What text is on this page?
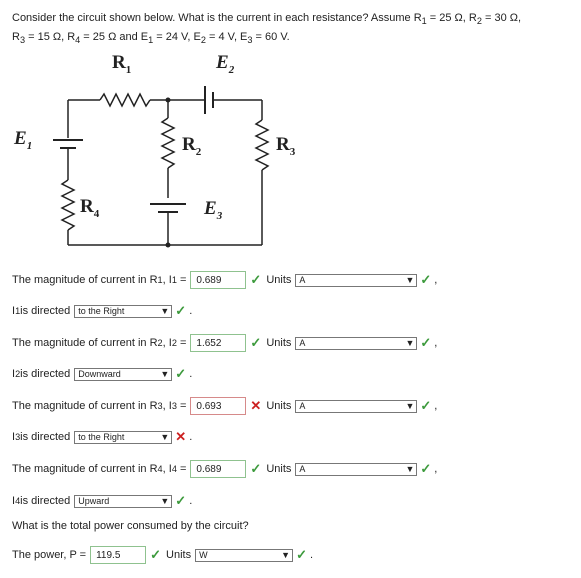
Consider the circuit shown below. What is the current in each resistance? Assume $R_1 = 25$ Ω, $R_2 = 30$ Ω,
$R_3 = 15$ Ω, $R_4 = 25$ Ω and $E_1 = 24$ V, $E_2 = 4$ V, $E_3 = 60$ V.
$R_1$	$E_2$
$E_1$	$R_2$	$R_3$
$R_4$	$E_3$
The magnitude of current in R 1 , I 1
=	0.689	✓ Units A	▼ ✓ ,
I 1 is directed to the Right	▼ ✓ .
The magnitude of current in R 2 , I 2
=	1.652	✓ Units A	▼ ✓ ,
I 2 is directed Downward	▼ ✓ .
The magnitude of current in R 3 , I 3
=	0.693	✕ Units A	▼ ✓ ,
I 3 is directed to the Right	▼ ✕ .
The magnitude of current in R 4 , I 4
=	0.689	✓ Units A	▼ ✓ ,
I 4 is directed Upward	▼ ✓ .
What is the total power consumed by the circuit?
The power, P =	119.5	✓ Units W	▼ ✓ .
